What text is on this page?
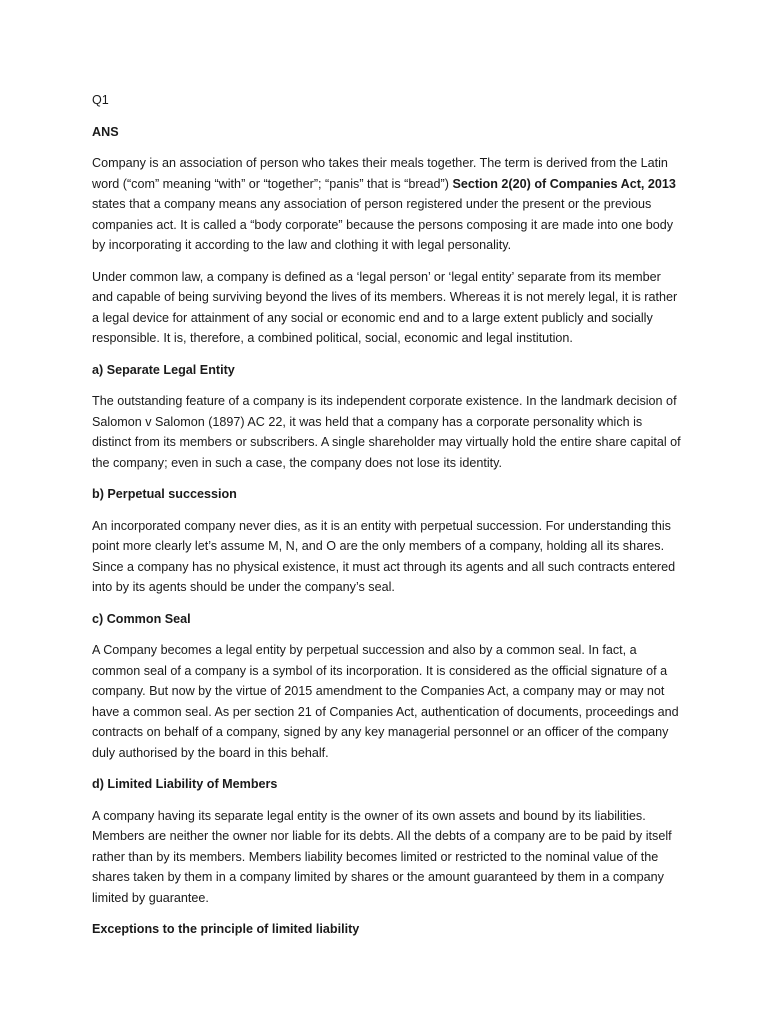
Q1

ANS

Company is an association of person who takes their meals together. The term is derived from the Latin word (“com” meaning “with” or “together”; “panis” that is “bread”) Section 2(20) of Companies Act, 2013 states that a company means any association of person registered under the present or the previous companies act. It is called a “body corporate” because the persons composing it are made into one body by incorporating it according to the law and clothing it with legal personality.

Under common law, a company is defined as a ‘legal person’ or ‘legal entity’ separate from its member and capable of being surviving beyond the lives of its members. Whereas it is not merely legal, it is rather a legal device for attainment of any social or economic end and to a large extent publicly and socially responsible. It is, therefore, a combined political, social, economic and legal institution.

a) Separate Legal Entity

The outstanding feature of a company is its independent corporate existence. In the landmark decision of Salomon v Salomon (1897) AC 22, it was held that a company has a corporate personality which is distinct from its members or subscribers. A single shareholder may virtually hold the entire share capital of the company; even in such a case, the company does not lose its identity.

b) Perpetual succession

An incorporated company never dies, as it is an entity with perpetual succession. For understanding this point more clearly let’s assume M, N, and O are the only members of a company, holding all its shares. Since a company has no physical existence, it must act through its agents and all such contracts entered into by its agents should be under the company’s seal.

c) Common Seal

A Company becomes a legal entity by perpetual succession and also by a common seal. In fact, a common seal of a company is a symbol of its incorporation. It is considered as the official signature of a company. But now by the virtue of 2015 amendment to the Companies Act, a company may or may not have a common seal. As per section 21 of Companies Act, authentication of documents, proceedings and contracts on behalf of a company, signed by any key managerial personnel or an officer of the company duly authorised by the board in this behalf.

d) Limited Liability of Members

A company having its separate legal entity is the owner of its own assets and bound by its liabilities. Members are neither the owner nor liable for its debts. All the debts of a company are to be paid by itself rather than by its members. Members liability becomes limited or restricted to the nominal value of the shares taken by them in a company limited by shares or the amount guaranteed by them in a company limited by guarantee.

Exceptions to the principle of limited liability
